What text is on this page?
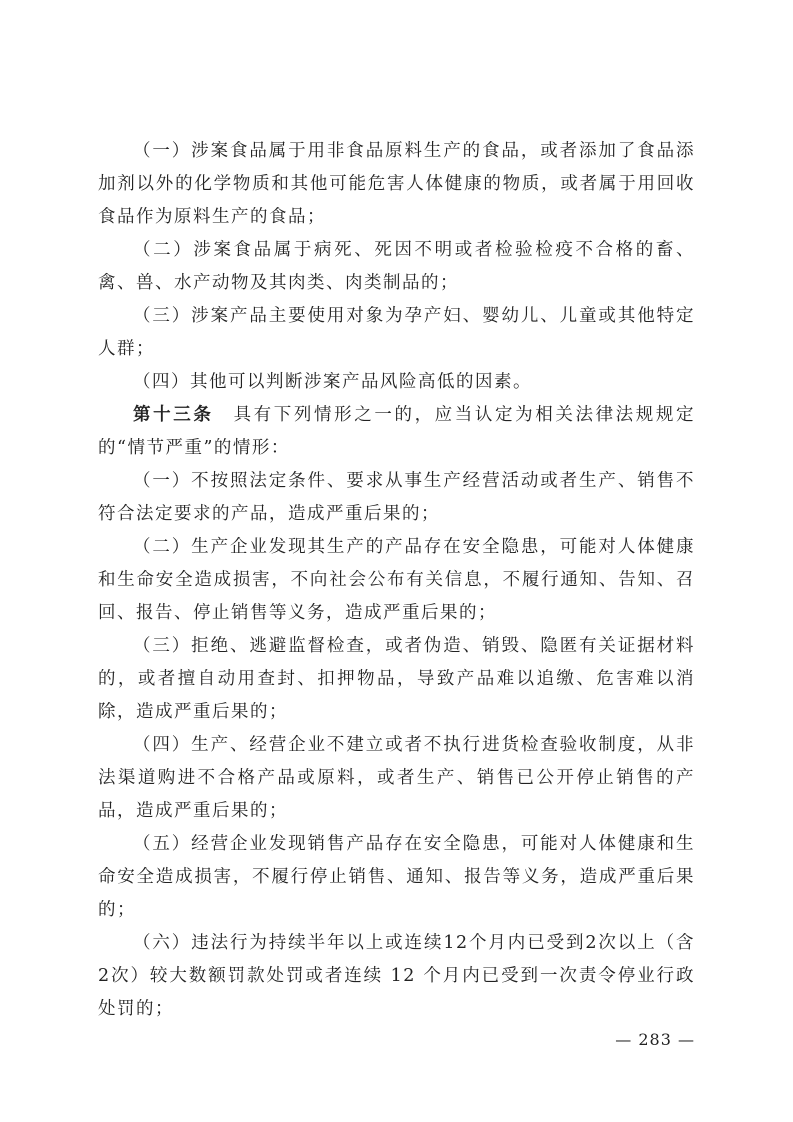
（一）涉案食品属于用非食品原料生产的食品，或者添加了食品添加剂以外的化学物质和其他可能危害人体健康的物质，或者属于用回收食品作为原料生产的食品；

（二）涉案食品属于病死、死因不明或者检验检疫不合格的畜、禽、兽、水产动物及其肉类、肉类制品的；

（三）涉案产品主要使用对象为孕产妇、婴幼儿、儿童或其他特定人群；

（四）其他可以判断涉案产品风险高低的因素。

第十三条　具有下列情形之一的，应当认定为相关法律法规规定的“情节严重”的情形：

（一）不按照法定条件、要求从事生产经营活动或者生产、销售不符合法定要求的产品，造成严重后果的；

（二）生产企业发现其生产的产品存在安全隐患，可能对人体健康和生命安全造成损害，不向社会公布有关信息，不履行通知、告知、召回、报告、停止销售等义务，造成严重后果的；

（三）拒绝、逃避监督检查，或者伪造、销毁、隐匿有关证据材料的，或者擅自动用查封、扣押物品，导致产品难以追缴、危害难以消除，造成严重后果的；

（四）生产、经营企业不建立或者不执行进货检查验收制度，从非法渠道购进不合格产品或原料，或者生产、销售已公开停止销售的产品，造成严重后果的；

（五）经营企业发现销售产品存在安全隐患，可能对人体健康和生命安全造成损害，不履行停止销售、通知、报告等义务，造成严重后果的；

（六）违法行为持续半年以上或连续12个月内已受到2次以上（含2次）较大数额罚款处罚或者连续 12 个月内已受到一次责令停业行政处罚的；

— 283 —
